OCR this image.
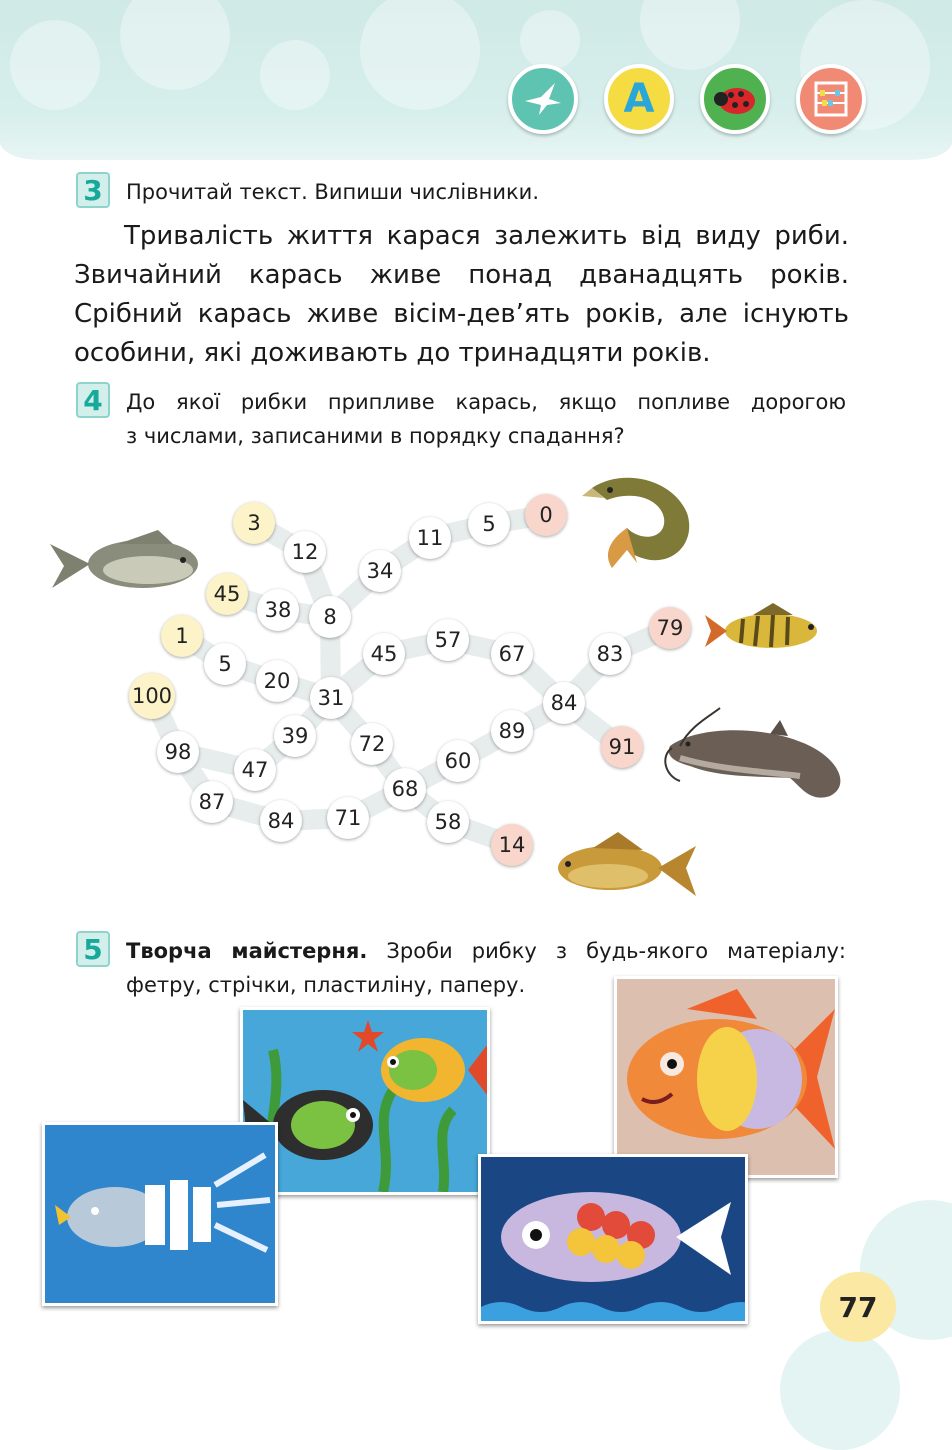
А
3	Прочитай текст. Випиши числівники.
Тривалість життя карася залежить від виду риби. Звичайний карась живе понад дванадцять років. Срібний карась живе вісім-дев’ять років, але існують особини, які доживають до тринадцяти років.
4	До якої рибки припливе карась, якщо попливе дорогою
з числами, записаними в порядку спадання?
3
12
34
11
5	0
45
38	8
1
5
20
31
45
57
67	83
79
84
100
98
47
39	72
68
60
89
91
87
84	71	58
14
5	Творча майстерня. Зроби рибку з будь-якого матеріалу:
фетру, стрічки, пластиліну, паперу.
77
